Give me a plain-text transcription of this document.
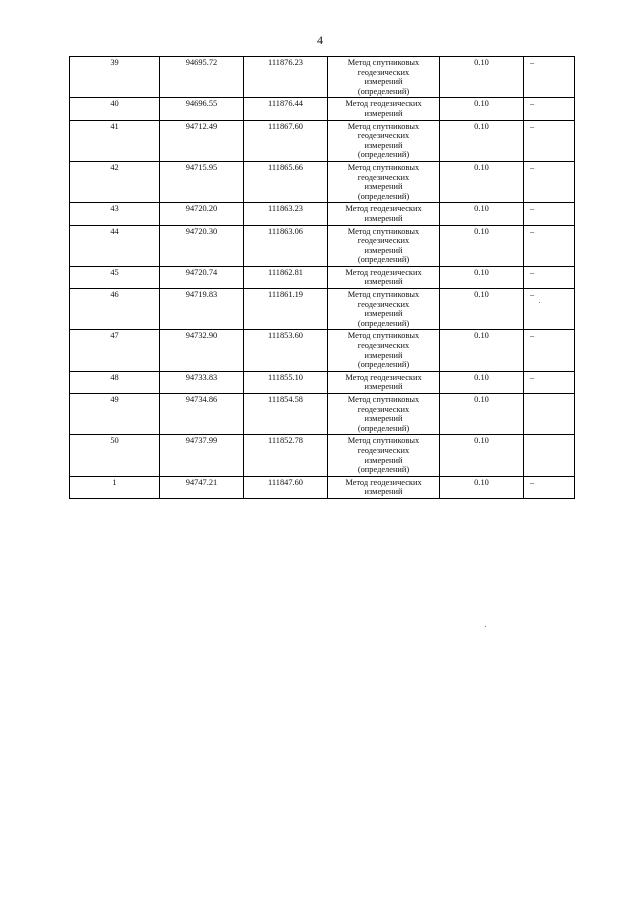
4
39	94695.72	111876.23	Метод спутниковых
геодезических
измерений
(определений)	0.10	–
40	94696.55	111876.44	Метод геодезических
измерений	0.10	–
41	94712.49	111867.60	Метод спутниковых
геодезических
измерений
(определений)	0.10	–
42	94715.95	111865.66	Метод спутниковых
геодезических
измерений
(определений)	0.10	–
43	94720.20	111863.23	Метод геодезических
измерений	0.10	–
44	94720.30	111863.06	Метод спутниковых
геодезических
измерений
(определений)	0.10	–
45	94720.74	111862.81	Метод геодезических
измерений	0.10	–
46	94719.83	111861.19	Метод спутниковых
геодезических
измерений
(определений)	0.10	–
47	94732.90	111853.60	Метод спутниковых
геодезических
измерений
(определений)	0.10	–
48	94733.83	111855.10	Метод геодезических
измерений	0.10	–
49	94734.86	111854.58	Метод спутниковых
геодезических
измерений
(определений)	0.10	
50	94737.99	111852.78	Метод спутниковых
геодезических
измерений
(определений)	0.10	
1	94747.21	111847.60	Метод геодезических
измерений	0.10	–
